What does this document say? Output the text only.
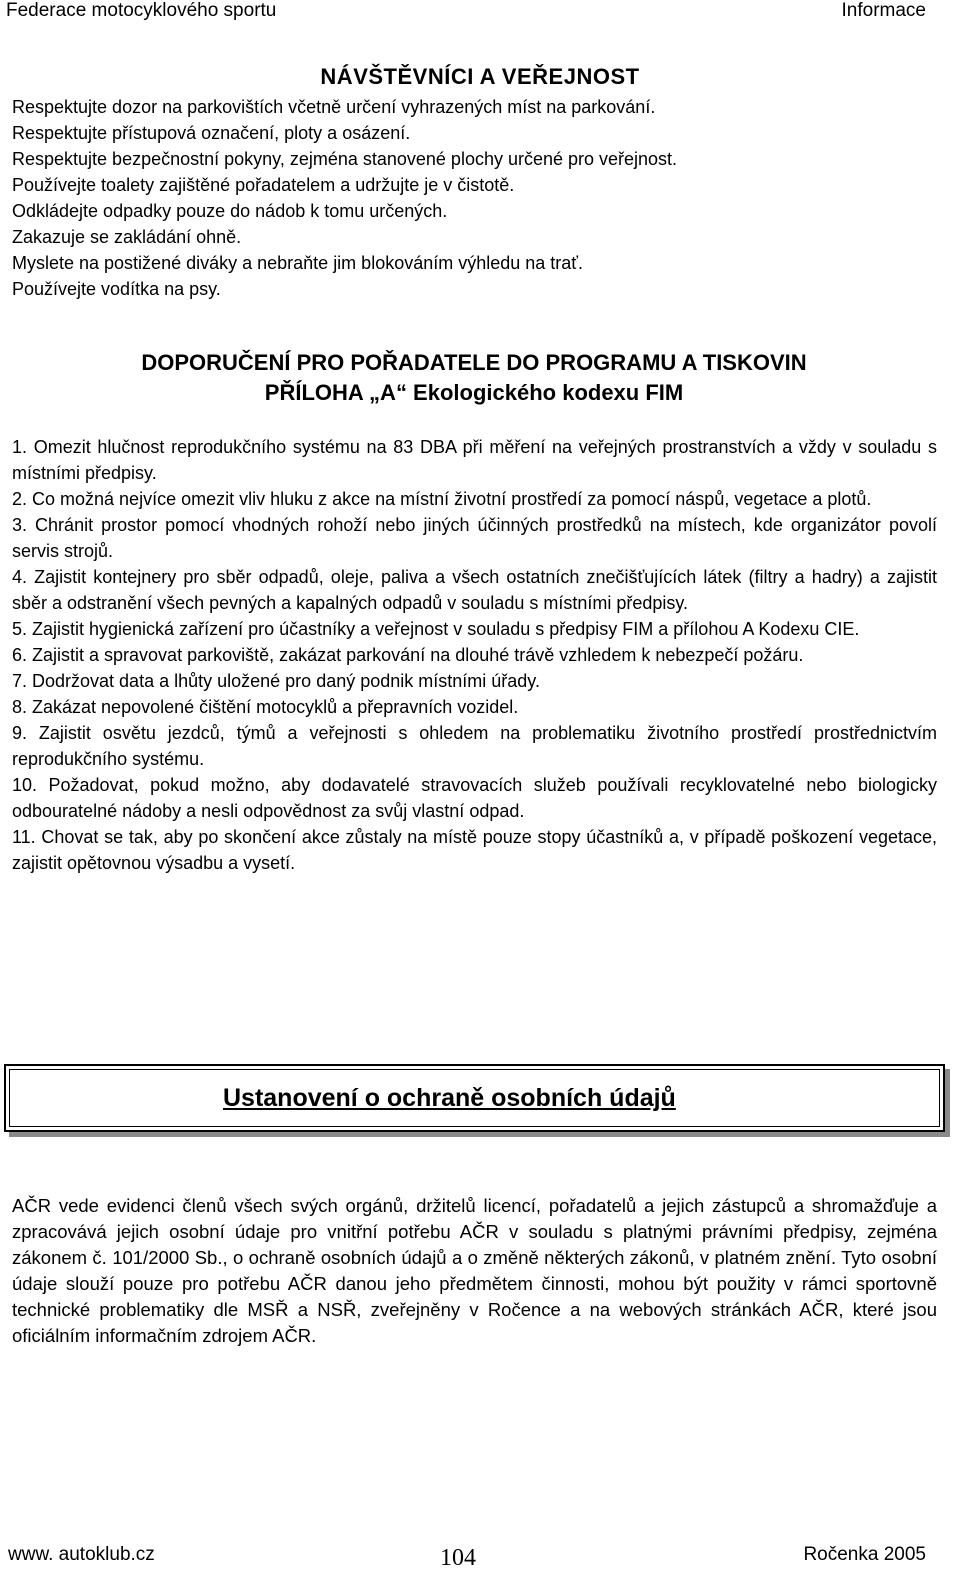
Federace motocyklového sportu	Informace
NÁVŠTĚVNÍCI A VEŘEJNOST
Respektujte dozor na parkovištích včetně určení vyhrazených míst na parkování.
Respektujte přístupová označení, ploty a osázení.
Respektujte bezpečnostní pokyny, zejména stanovené plochy určené pro veřejnost.
Používejte toalety zajištěné pořadatelem a udržujte je v čistotě.
Odkládejte odpadky pouze do nádob k tomu určených.
Zakazuje se zakládání ohně.
Myslete na postižené diváky a nebraňte jim blokováním výhledu na trať.
Používejte vodítka na psy.
DOPORUČENÍ PRO POŘADATELE DO PROGRAMU A TISKOVIN
PŘÍLOHA „A“ Ekologického kodexu FIM
1. Omezit hlučnost reprodukčního systému na 83 DBA při měření na veřejných prostranstvích a vždy v souladu s místními předpisy.
2. Co možná nejvíce omezit vliv hluku z akce na místní životní prostředí za pomocí náspů, vegetace a plotů.
3. Chránit prostor pomocí vhodných rohoží nebo jiných účinných prostředků na místech, kde organizátor povolí servis strojů.
4. Zajistit kontejnery pro sběr odpadů, oleje, paliva a všech ostatních znečišťujících látek (filtry a hadry) a zajistit sběr a odstranění všech pevných a kapalných odpadů v souladu s místními předpisy.
5. Zajistit hygienická zařízení pro účastníky a veřejnost v souladu s předpisy FIM a přílohou A Kodexu CIE.
6. Zajistit a spravovat parkoviště, zakázat parkování na dlouhé trávě vzhledem k nebezpečí požáru.
7. Dodržovat data a lhůty uložené pro daný podnik místními úřady.
8. Zakázat nepovolené čištění motocyklů a přepravních vozidel.
9. Zajistit osvětu jezdců, týmů a veřejnosti s ohledem na problematiku životního prostředí prostřednictvím reprodukčního systému.
10. Požadovat, pokud možno, aby dodavatelé stravovacích služeb používali recyklovatelné nebo biologicky odbouratelné nádoby a nesli odpovědnost za svůj vlastní odpad.
11. Chovat se tak, aby po skončení akce zůstaly na místě pouze stopy účastníků a, v případě poškození vegetace, zajistit opětovnou výsadbu a vysetí.
Ustanovení o ochraně osobních údajů
AČR vede evidenci členů všech svých orgánů, držitelů licencí, pořadatelů a jejich zástupců a shromažďuje a zpracovává jejich osobní údaje pro vnitřní potřebu AČR v souladu s platnými právními předpisy, zejména zákonem č. 101/2000 Sb., o ochraně osobních údajů a o změně některých zákonů, v platném znění. Tyto osobní údaje slouží pouze pro potřebu AČR danou jeho předmětem činnosti, mohou být použity v rámci sportovně technické problematiky dle MSŘ a NSŘ, zveřejněny v Ročence a na webových stránkách AČR, které jsou oficiálním informačním zdrojem AČR.
www. autoklub.cz	104	Ročenka 2005
